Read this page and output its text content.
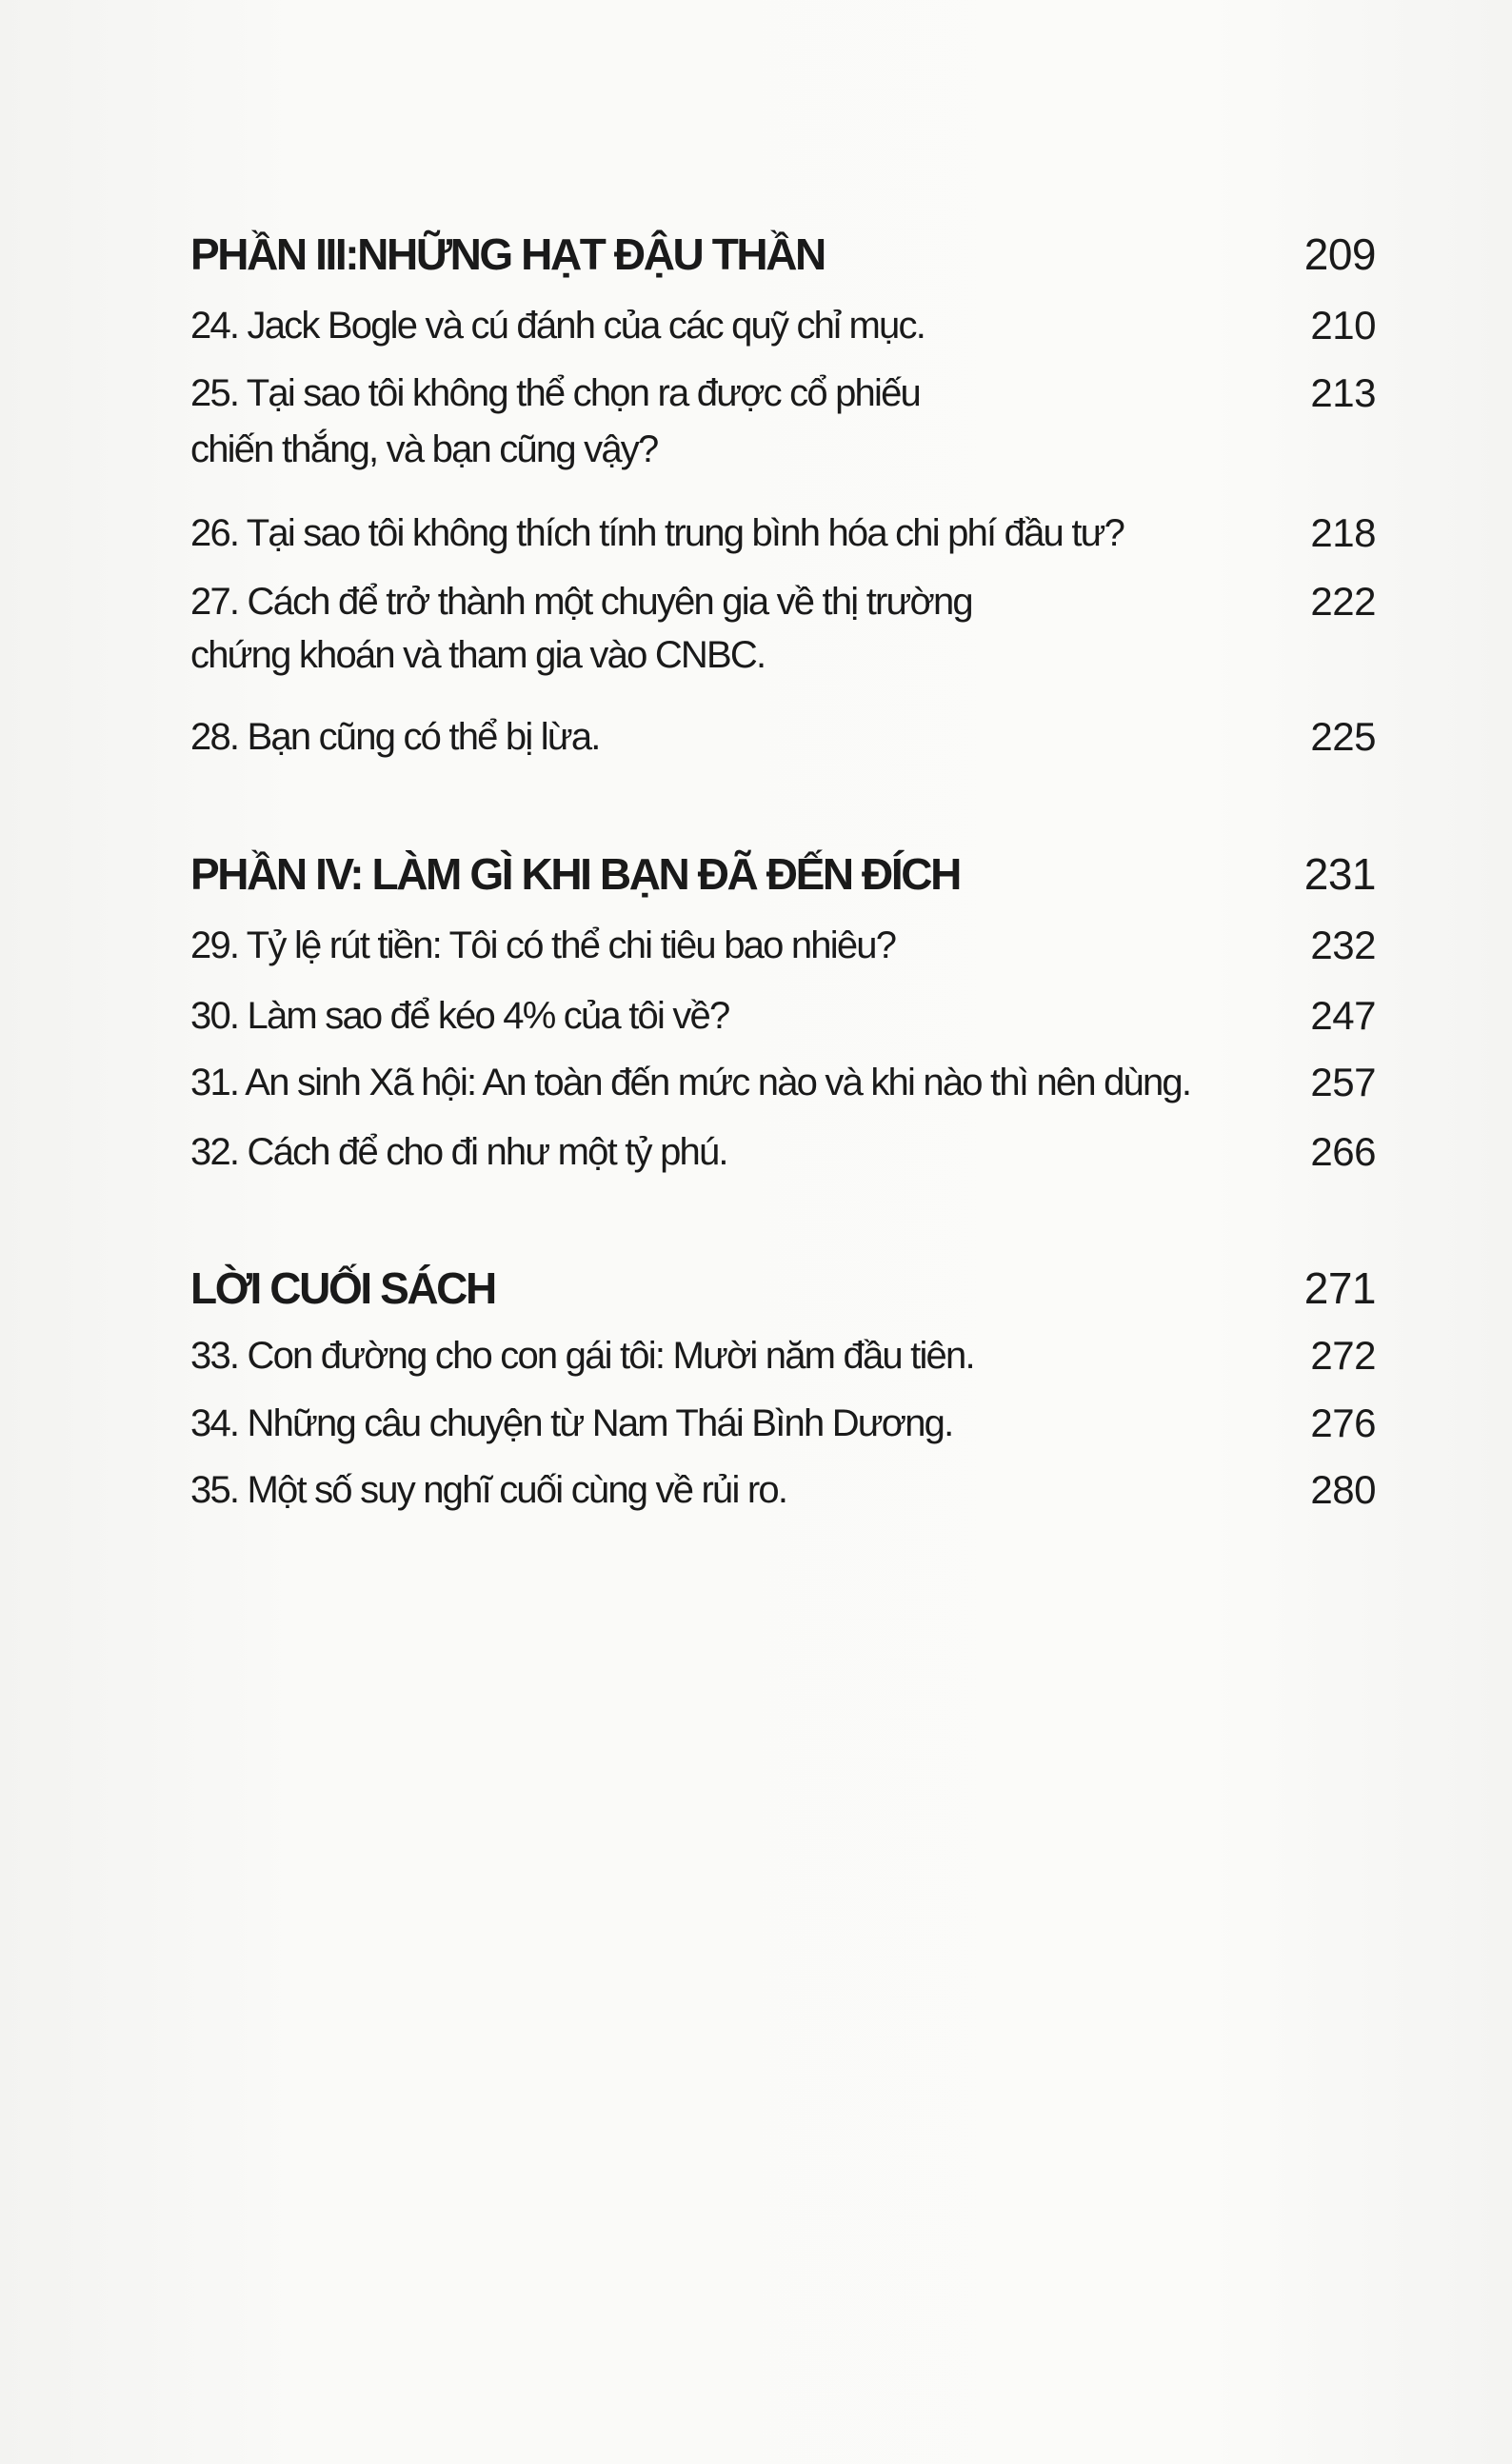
PHẦN III:NHỮNG HẠT ĐẬU THẦN	209
24. Jack Bogle và cú đánh của các quỹ chỉ mục.	210
25. Tại sao tôi không thể chọn ra được cổ phiếu	213
chiến thắng, và bạn cũng vậy?
26. Tại sao tôi không thích tính trung bình hóa chi phí đầu tư?	218
27. Cách để trở thành một chuyên gia về thị trường	222
chứng khoán và tham gia vào CNBC.
28. Bạn cũng có thể bị lừa.	225
PHẦN IV: LÀM GÌ KHI BẠN ĐÃ ĐẾN ĐÍCH	231
29. Tỷ lệ rút tiền: Tôi có thể chi tiêu bao nhiêu?	232
30. Làm sao để kéo 4% của tôi về?	247
31. An sinh Xã hội: An toàn đến mức nào và khi nào thì nên dùng.	257
32. Cách để cho đi như một tỷ phú.	266
LỜI CUỐI SÁCH	271
33. Con đường cho con gái tôi: Mười năm đầu tiên.	272
34. Những câu chuyện từ Nam Thái Bình Dương.	276
35. Một số suy nghĩ cuối cùng về rủi ro.	280
